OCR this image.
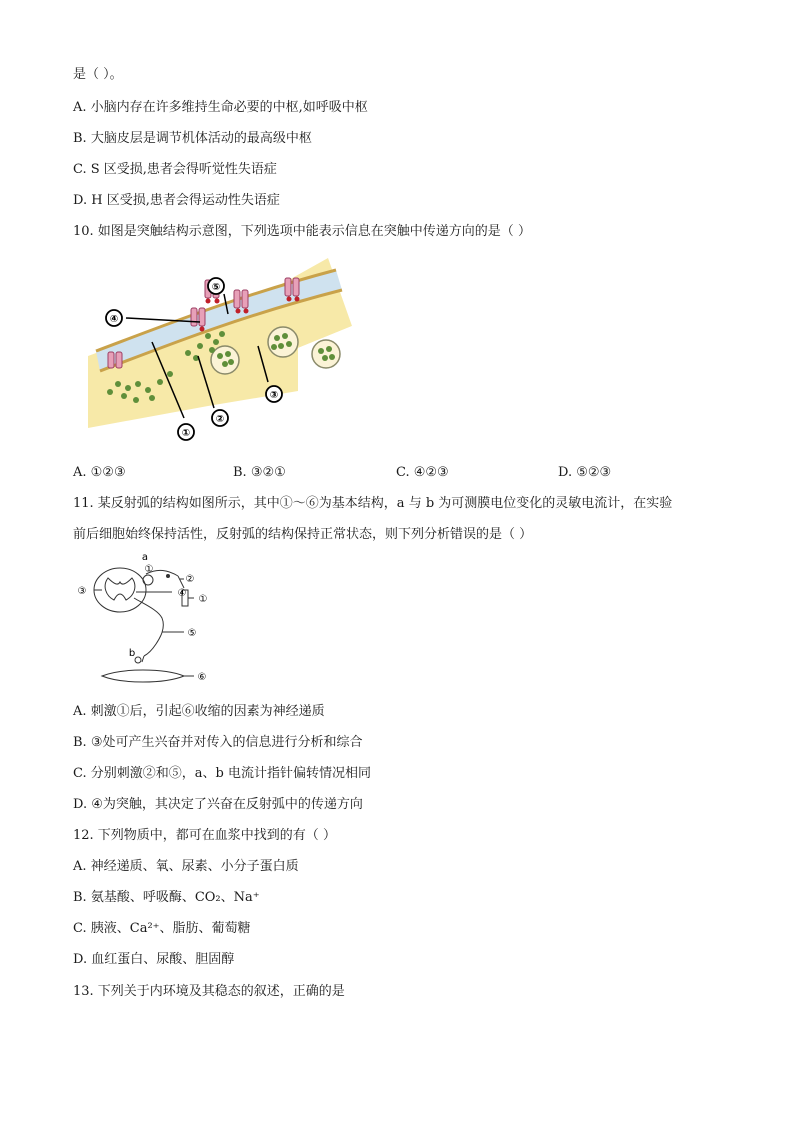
是（ ）。
A. 小脑内存在许多维持生命必要的中枢,如呼吸中枢
B. 大脑皮层是调节机体活动的最高级中枢
C. S 区受损,患者会得听觉性失语症
D. H 区受损,患者会得运动性失语症
10. 如图是突触结构示意图，下列选项中能表示信息在突触中传递方向的是（ ）
①
②
③
④
⑤
A. ①②③	B. ③②①	C. ④②③	D. ⑤②③
11. 某反射弧的结构如图所示，其中①～⑥为基本结构，a 与 b 为可测膜电位变化的灵敏电流计，在实验
前后细胞始终保持活性，反射弧的结构保持正常状态，则下列分析错误的是（ ）
a
b
③
①
②
④
①
⑤
⑥
A. 刺激①后，引起⑥收缩的因素为神经递质
B. ③处可产生兴奋并对传入的信息进行分析和综合
C. 分别刺激②和⑤，a、b 电流计指针偏转情况相同
D. ④为突触，其决定了兴奋在反射弧中的传递方向
12. 下列物质中，都可在血浆中找到的有（ ）
A. 神经递质、氧、尿素、小分子蛋白质
B. 氨基酸、呼吸酶、CO₂、Na⁺
C. 胰液、Ca²⁺、脂肪、葡萄糖
D. 血红蛋白、尿酸、胆固醇
13. 下列关于内环境及其稳态的叙述，正确的是
